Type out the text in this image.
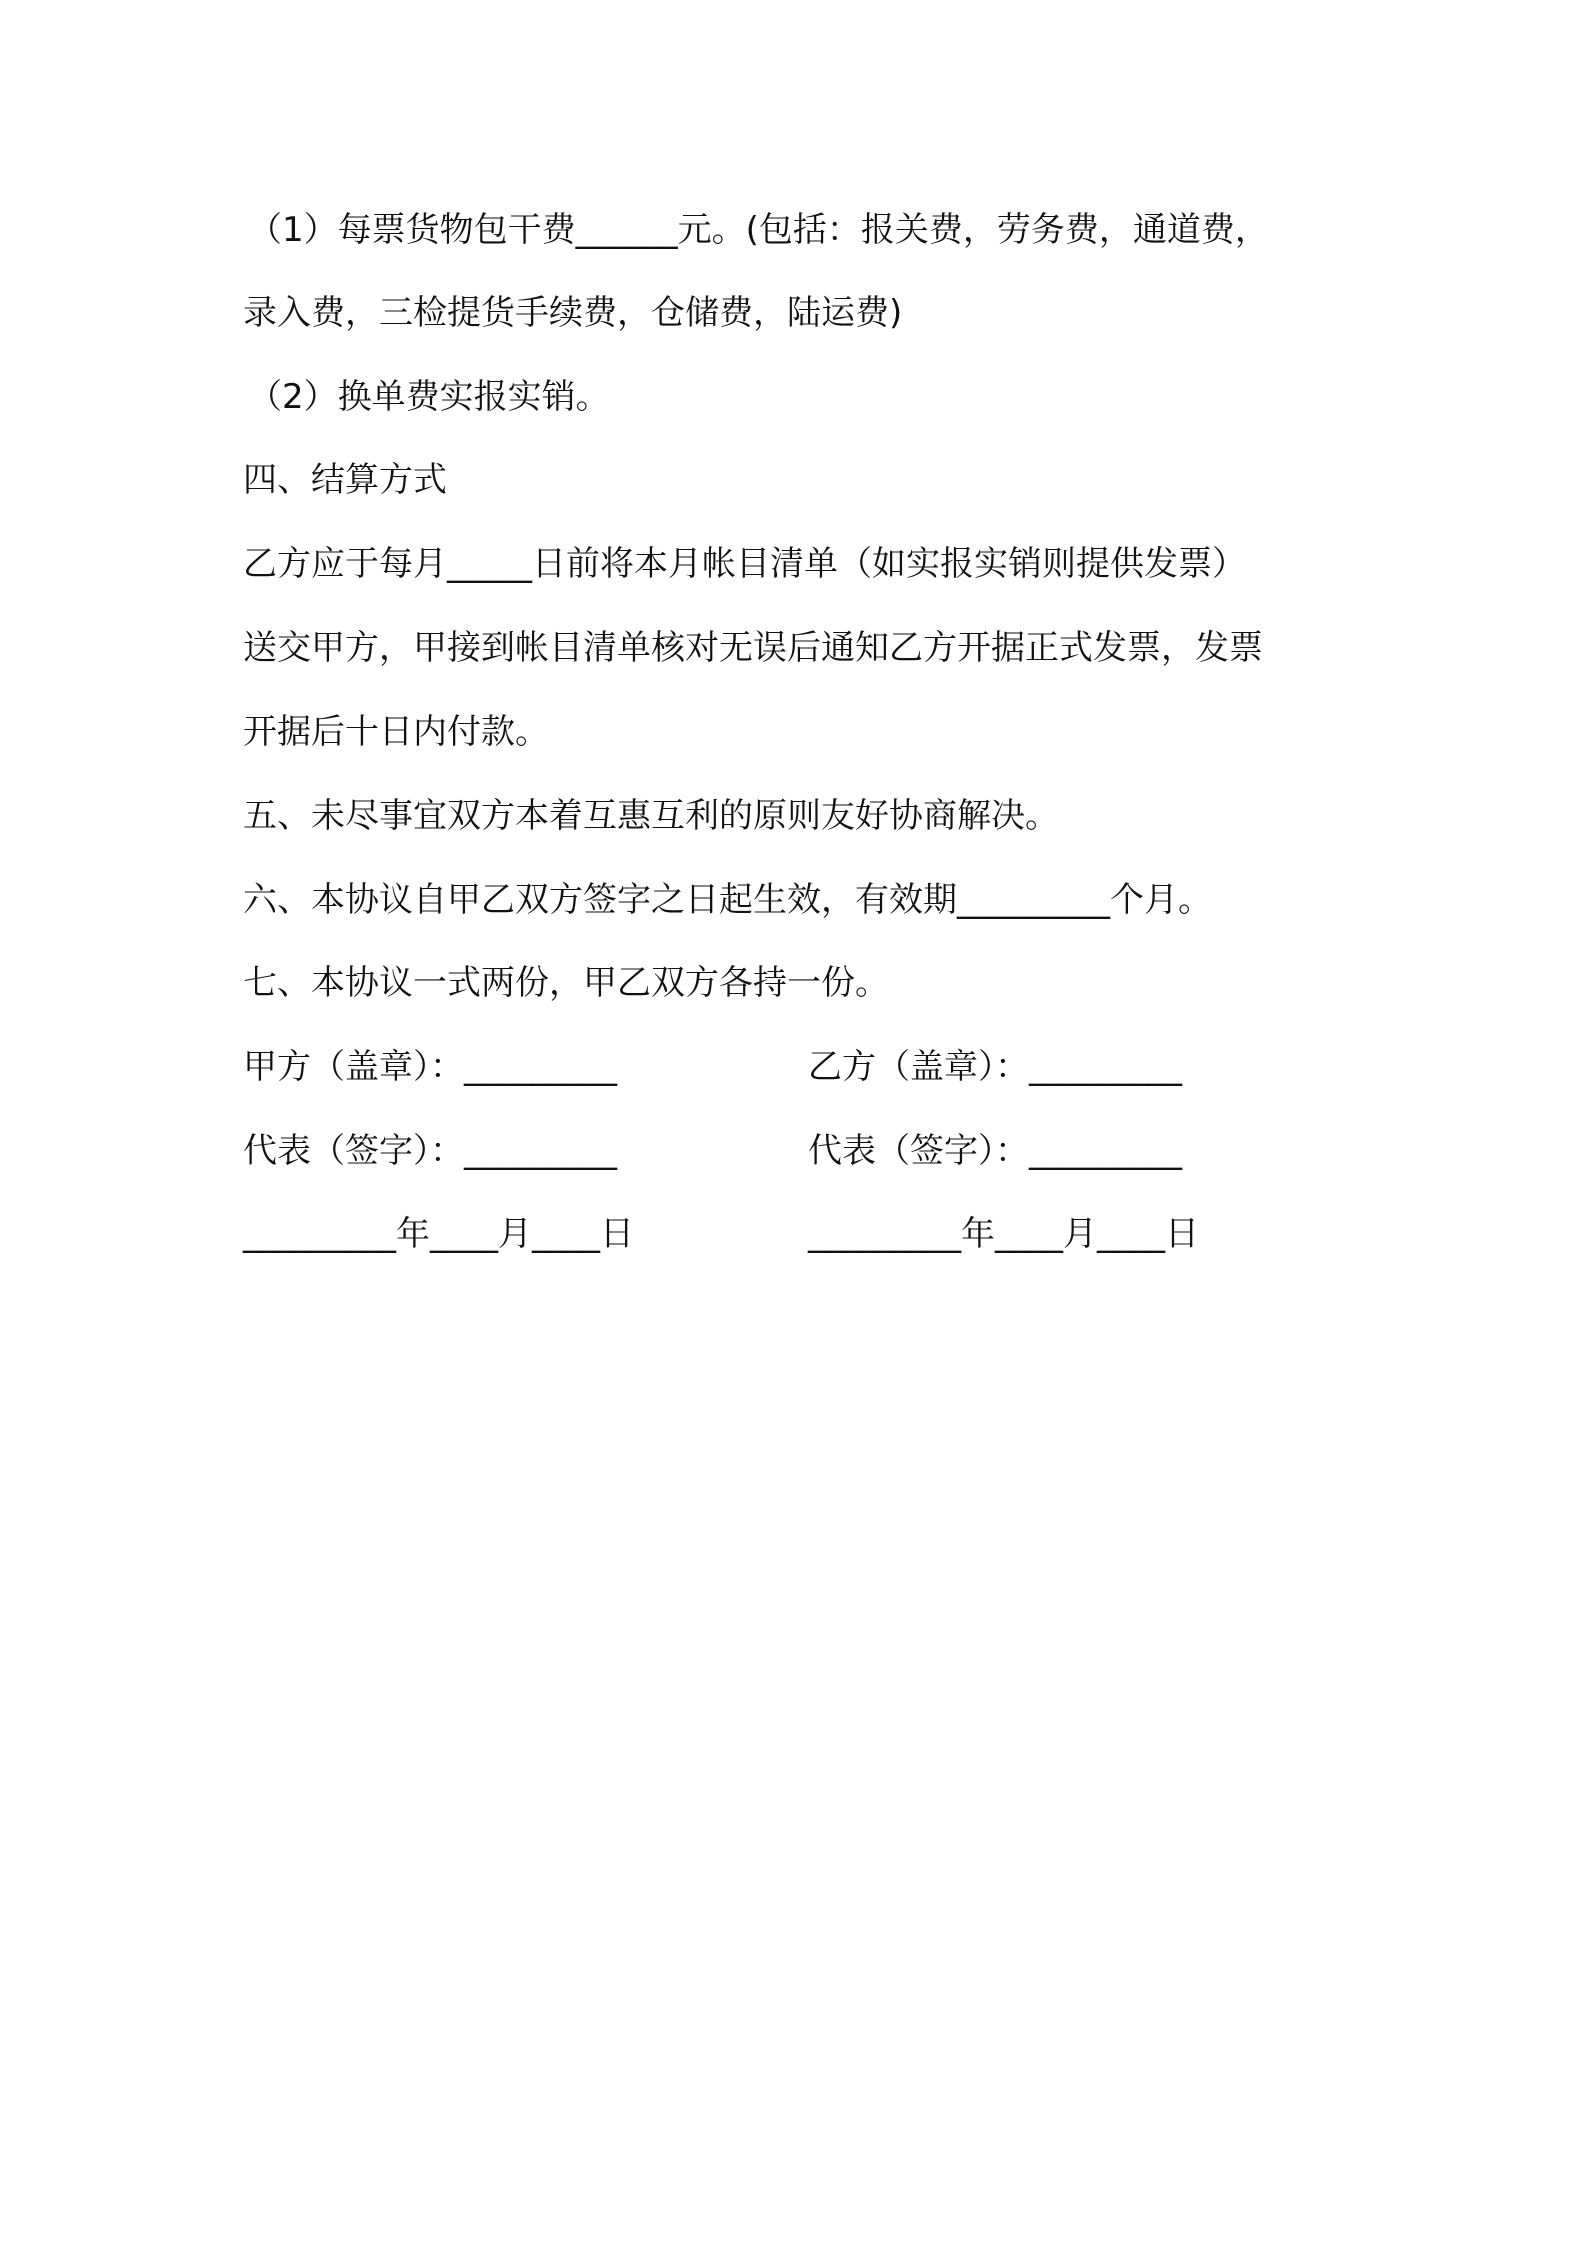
（1）每票货物包干费______元。(包括：报关费，劳务费，通道费，
录入费，三检提货手续费，仓储费，陆运费)
（2）换单费实报实销。
四、结算方式
乙方应于每月_____日前将本月帐目清单（如实报实销则提供发票）
送交甲方，甲接到帐目清单核对无误后通知乙方开据正式发票，发票
开据后十日内付款。
五、未尽事宜双方本着互惠互利的原则友好协商解决。
六、本协议自甲乙双方签字之日起生效，有效期_________个月。
七、本协议一式两份，甲乙双方各持一份。
甲方（盖章）：_________	乙方（盖章）：_________
代表（签字）：_________	代表（签字）：_________
_________年____月____日	_________年____月____日
